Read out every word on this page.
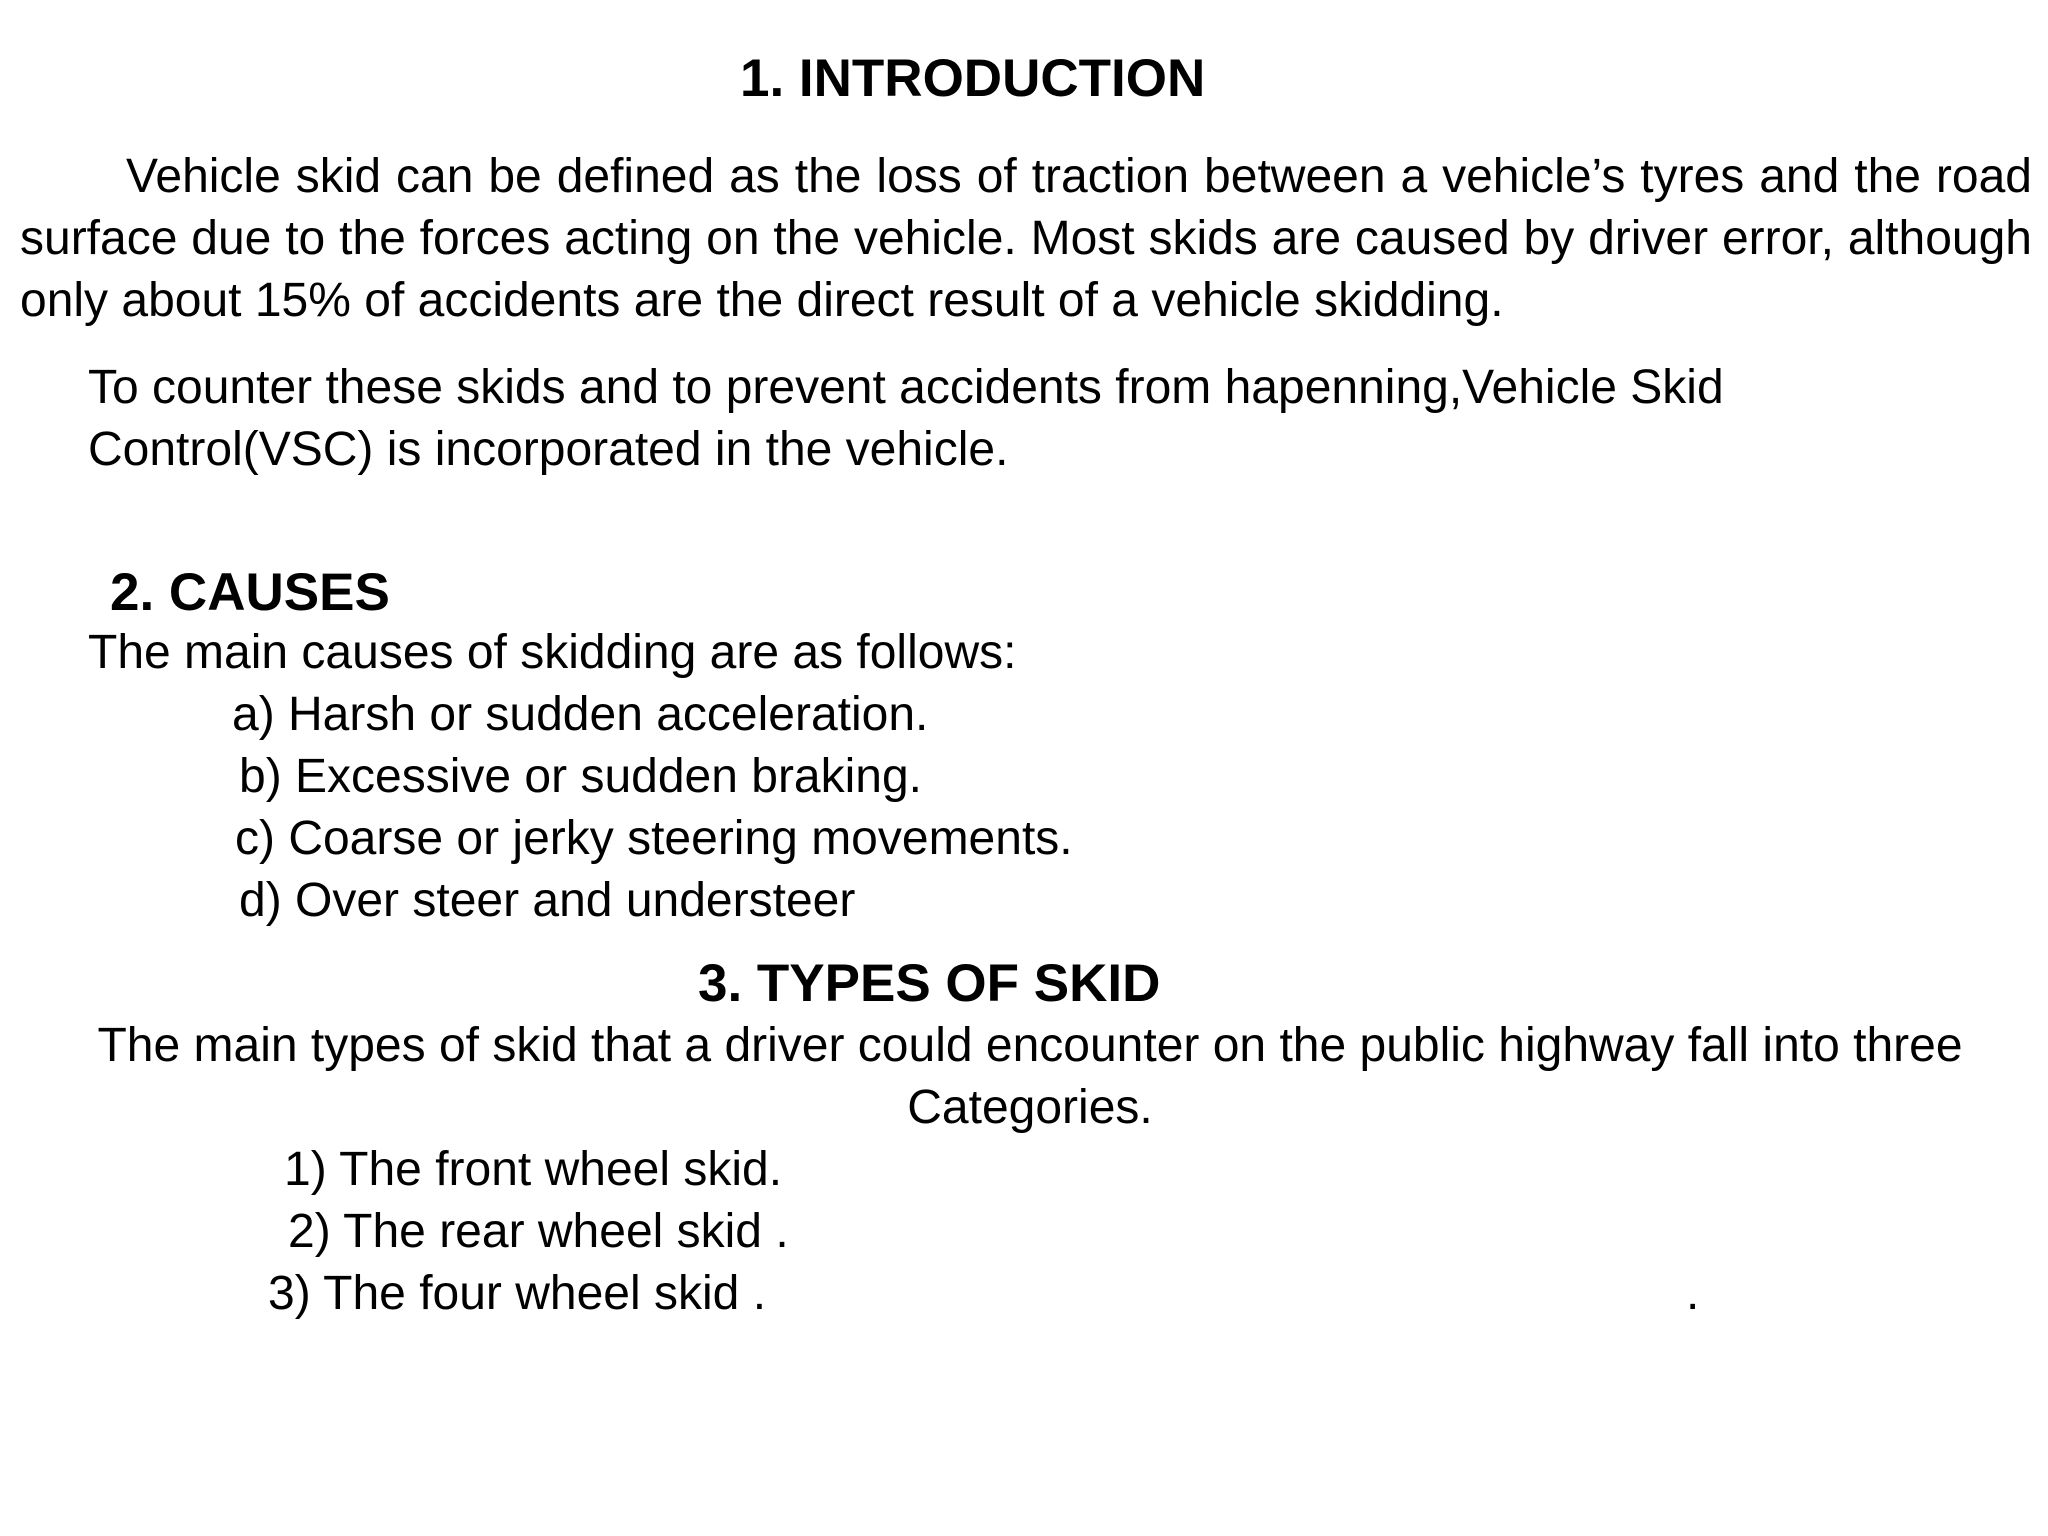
1. INTRODUCTION

Vehicle skid can be defined as the loss of traction between a vehicle’s tyres and the road surface due to the forces acting on the vehicle. Most skids are caused by driver error, although only about 15% of accidents are the direct result of a vehicle skidding.

To counter these skids and to prevent accidents from hapenning,Vehicle Skid Control(VSC) is incorporated in the vehicle.

2. CAUSES

The main causes of skidding are as follows:

a) Harsh or sudden acceleration.

b) Excessive or sudden braking.

c) Coarse or jerky steering movements.

d) Over steer and understeer

3. TYPES OF SKID

The main types of skid that a driver could encounter on the public highway fall into three Categories.

1) The front wheel skid.

2) The rear wheel skid .

3) The four wheel skid .	.
